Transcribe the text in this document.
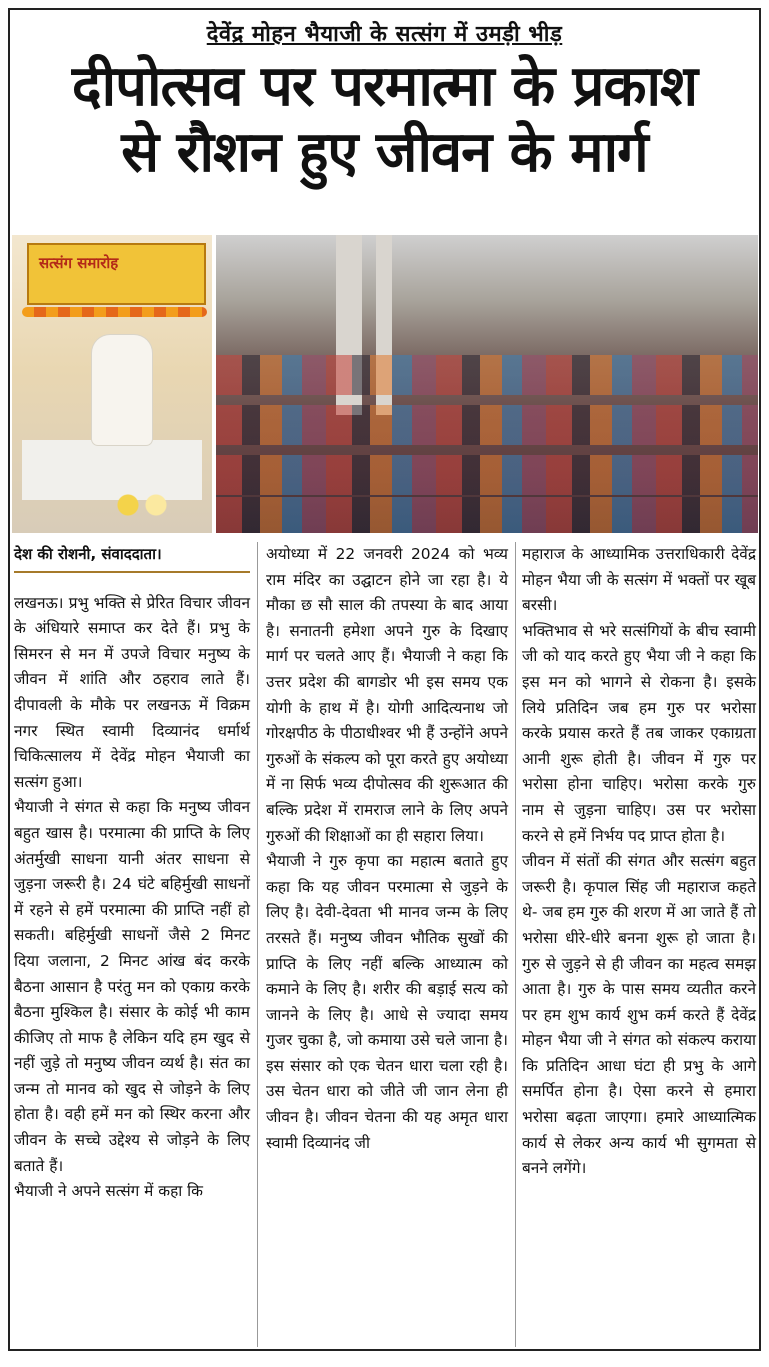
देवेंद्र मोहन भैयाजी के सत्संग में उमड़ी भीड़
दीपोत्सव पर परमात्मा के प्रकाश
से रौशन हुए जीवन के मार्ग
सत्संग समारोह
देश की रोशनी, संवाददाता।

लखनऊ। प्रभु भक्ति से प्रेरित विचार जीवन के अंधियारे समाप्त कर देते हैं। प्रभु के सिमरन से मन में उपजे विचार मनुष्य के जीवन में शांति और ठहराव लाते हैं। दीपावली के मौके पर लखनऊ में विक्रम नगर स्थित स्वामी दिव्यानंद धर्मार्थ चिकित्सालय में देवेंद्र मोहन भैयाजी का सत्संग हुआ।

भैयाजी ने संगत से कहा कि मनुष्य जीवन बहुत खास है। परमात्मा की प्राप्ति के लिए अंतर्मुखी साधना यानी अंतर साधना से जुड़ना जरूरी है। 24 घंटे बहिर्मुखी साधनों में रहने से हमें परमात्मा की प्राप्ति नहीं हो सकती। बहिर्मुखी साधनों जैसे 2 मिनट दिया जलाना, 2 मिनट आंख बंद करके बैठना आसान है परंतु मन को एकाग्र करके बैठना मुश्किल है। संसार के कोई भी काम कीजिए तो माफ है लेकिन यदि हम खुद से नहीं जुड़े तो मनुष्य जीवन व्यर्थ है। संत का जन्म तो मानव को खुद से जोड़ने के लिए होता है। वही हमें मन को स्थिर करना और जीवन के सच्चे उद्देश्य से जोड़ने के लिए बताते हैं।

भैयाजी ने अपने सत्संग में कहा कि

अयोध्या में 22 जनवरी 2024 को भव्य राम मंदिर का उद्घाटन होने जा रहा है। ये मौका छ सौ साल की तपस्या के बाद आया है। सनातनी हमेशा अपने गुरु के दिखाए मार्ग पर चलते आए हैं। भैयाजी ने कहा कि उत्तर प्रदेश की बागडोर भी इस समय एक योगी के हाथ में है। योगी आदित्यनाथ जो गोरक्षपीठ के पीठाधीश्वर भी हैं उन्होंने अपने गुरुओं के संकल्प को पूरा करते हुए अयोध्या में ना सिर्फ भव्य दीपोत्सव की शुरूआत की बल्कि प्रदेश में रामराज लाने के लिए अपने गुरुओं की शिक्षाओं का ही सहारा लिया।

भैयाजी ने गुरु कृपा का महात्म बताते हुए कहा कि यह जीवन परमात्मा से जुड़ने के लिए है। देवी-देवता भी मानव जन्म के लिए तरसते हैं। मनुष्य जीवन भौतिक सुखों की प्राप्ति के लिए नहीं बल्कि आध्यात्म को कमाने के लिए है। शरीर की बड़ाई सत्य को जानने के लिए है। आधे से ज्यादा समय गुजर चुका है, जो कमाया उसे चले जाना है। इस संसार को एक चेतन धारा चला रही है। उस चेतन धारा को जीते जी जान लेना ही जीवन है। जीवन चेतना की यह अमृत धारा स्वामी दिव्यानंद जी

महाराज के आध्यामिक उत्तराधिकारी देवेंद्र मोहन भैया जी के सत्संग में भक्तों पर खूब बरसी।

भक्तिभाव से भरे सत्संगियों के बीच स्वामी जी को याद करते हुए भैया जी ने कहा कि इस मन को भागने से रोकना है। इसके लिये प्रतिदिन जब हम गुरु पर भरोसा करके प्रयास करते हैं तब जाकर एकाग्रता आनी शुरू होती है। जीवन में गुरु पर भरोसा होना चाहिए। भरोसा करके गुरु नाम से जुड़ना चाहिए। उस पर भरोसा करने से हमें निर्भय पद प्राप्त होता है।

जीवन में संतों की संगत और सत्संग बहुत जरूरी है। कृपाल सिंह जी महाराज कहते थे- जब हम गुरु की शरण में आ जाते हैं तो भरोसा धीरे-धीरे बनना शुरू हो जाता है। गुरु से जुड़ने से ही जीवन का महत्व समझ आता है। गुरु के पास समय व्यतीत करने पर हम शुभ कार्य शुभ कर्म करते हैं देवेंद्र मोहन भैया जी ने संगत को संकल्प कराया कि प्रतिदिन आधा घंटा ही प्रभु के आगे समर्पित होना है। ऐसा करने से हमारा भरोसा बढ़ता जाएगा। हमारे आध्यात्मिक कार्य से लेकर अन्य कार्य भी सुगमता से बनने लगेंगे।
